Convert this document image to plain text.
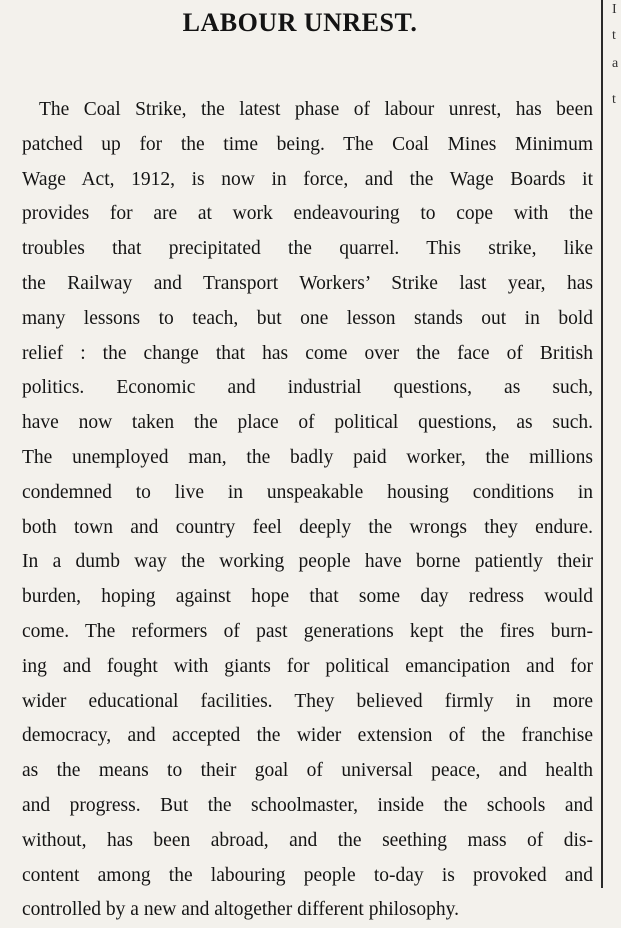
LABOUR UNREST.
The Coal Strike, the latest phase of labour unrest, has been
patched up for the time being. The Coal Mines Minimum
Wage Act, 1912, is now in force, and the Wage Boards it
provides for are at work endeavouring to cope with the
troubles that precipitated the quarrel. This strike, like
the Railway and Transport Workers’ Strike last year, has
many lessons to teach, but one lesson stands out in bold
relief : the change that has come over the face of British
politics. Economic and industrial questions, as such,
have now taken the place of political questions, as such.
The unemployed man, the badly paid worker, the millions
condemned to live in unspeakable housing conditions in
both town and country feel deeply the wrongs they endure.
In a dumb way the working people have borne patiently their
burden, hoping against hope that some day redress would
come. The reformers of past generations kept the fires burn-
ing and fought with giants for political emancipation and for
wider educational facilities. They believed firmly in more
democracy, and accepted the wider extension of the franchise
as the means to their goal of universal peace, and health
and progress. But the schoolmaster, inside the schools and
without, has been abroad, and the seething mass of dis-
content among the labouring people to-day is provoked and
controlled by a new and altogether different philosophy.
I
t
a
t
